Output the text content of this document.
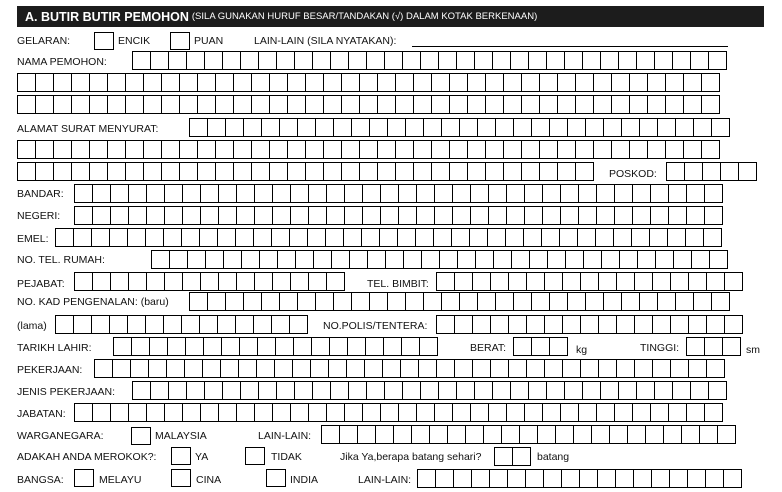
A. BUTIR BUTIR PEMOHON (SILA GUNAKAN HURUF BESAR/TANDAKAN (√) DALAM KOTAK BERKENAAN)
GELARAN:	ENCIK	PUAN	LAIN-LAIN (SILA NYATAKAN):
NAMA PEMOHON:
ALAMAT SURAT MENYURAT:
POSKOD:
BANDAR:
NEGERI:
EMEL:
NO. TEL. RUMAH:
PEJABAT:	TEL. BIMBIT:
NO. KAD PENGENALAN: (baru)
(lama)	NO.POLIS/TENTERA:
TARIKH LAHIR:	BERAT:	kg	TINGGI:	sm
PEKERJAAN:
JENIS PEKERJAAN:
JABATAN:
WARGANEGARA:	MALAYSIA	LAIN-LAIN:
ADAKAH ANDA MEROKOK?:	YA	TIDAK	Jika Ya,berapa batang sehari?	batang
BANGSA:	MELAYU	CINA	INDIA	LAIN-LAIN:
